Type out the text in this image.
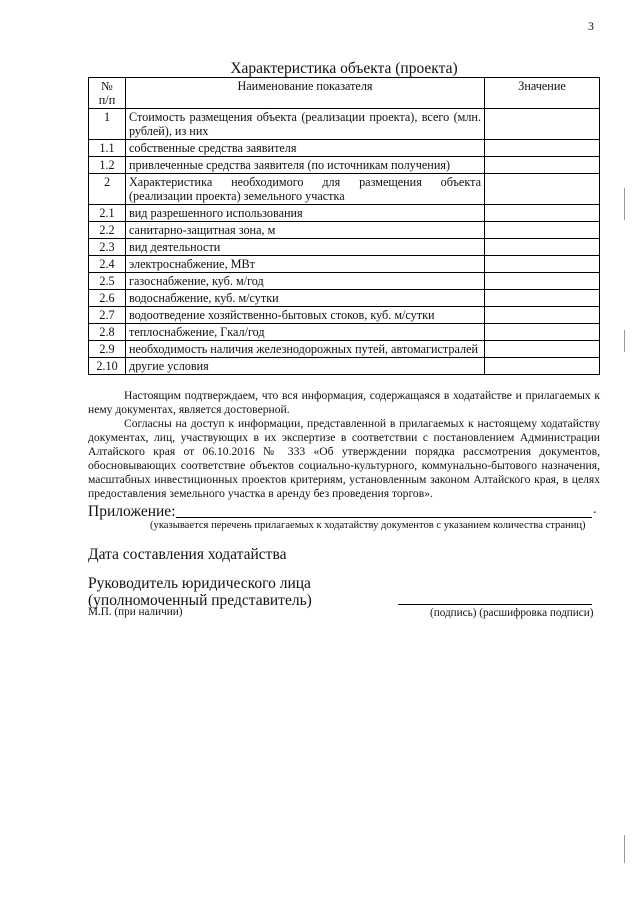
3
Характеристика объекта (проекта)
№
п/п	Наименование показателя	Значение
1	Стоимость размещения объекта (реализации проекта), всего (млн. рублей), из них	
1.1	собственные средства заявителя	
1.2	привлеченные средства заявителя (по источникам получения)	
2	Характеристика необходимого для размещения объекта (реализации проекта) земельного участка	
2.1	вид разрешенного использования	
2.2	санитарно-защитная зона, м	
2.3	вид деятельности	
2.4	электроснабжение, МВт	
2.5	газоснабжение, куб. м/год	
2.6	водоснабжение, куб. м/сутки	
2.7	водоотведение хозяйственно-бытовых стоков, куб. м/сутки	
2.8	теплоснабжение, Гкал/год	
2.9	необходимость наличия железнодорожных путей, автомагистралей	
2.10	другие условия	
Настоящим подтверждаем, что вся информация, содержащаяся в ходатайстве и прилагаемых к нему документах, является достоверной.
Согласны на доступ к информации, представленной в прилагаемых к настоящему ходатайству документах, лиц, участвующих в их экспертизе в соответствии с постановлением Администрации Алтайского края от 06.10.2016 № 333 «Об утверждении порядка рассмотрения документов, обосновывающих соответствие объектов социально-культурного, коммунально-бытового назначения, масштабных инвестиционных проектов критериям, установленным законом Алтайского края, в целях предоставления земельного участка в аренду без проведения торгов».
Приложение:	.
(указывается перечень прилагаемых к ходатайству документов с указанием количества страниц)
Дата составления ходатайства
Руководитель юридического лица
(уполномоченный представитель)
М.П. (при наличии)	(подпись) (расшифровка подписи)
